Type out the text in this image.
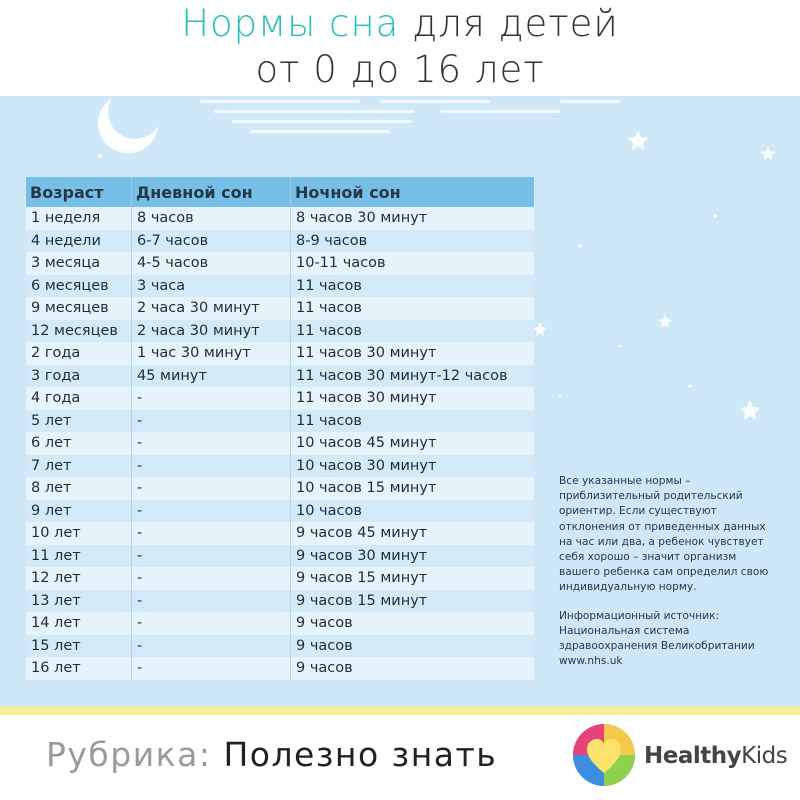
Нормы сна для детей
от 0 до 16 лет
Возраст	Дневной сон	Ночной сон
1 неделя	8 часов	8 часов 30 минут
4 недели	6-7 часов	8-9 часов
3 месяца	4-5 часов	10-11 часов
6 месяцев	3 часа	11 часов
9 месяцев	2 часа 30 минут	11 часов
12 месяцев	2 часа 30 минут	11 часов
2 года	1 час 30 минут	11 часов 30 минут
3 года	45 минут	11 часов 30 минут-12 часов
4 года	-	11 часов 30 минут
5 лет	-	11 часов
6 лет	-	10 часов 45 минут
7 лет	-	10 часов 30 минут
8 лет	-	10 часов 15 минут
9 лет	-	10 часов
10 лет	-	9 часов 45 минут
11 лет	-	9 часов 30 минут
12 лет	-	9 часов 15 минут
13 лет	-	9 часов 15 минут
14 лет	-	9 часов
15 лет	-	9 часов
16 лет	-	9 часов

Все указанные нормы – приблизительный родительский ориентир. Если существуют отклонения от приведенных данных на час или два, а ребенок чувствует себя хорошо – значит организм вашего ребенка сам определил свою индивидуальную норму.

Информационный источник: Национальная система здравоохранения Великобритании www.nhs.uk

Рубрика: Полезно знать	HealthyKids
